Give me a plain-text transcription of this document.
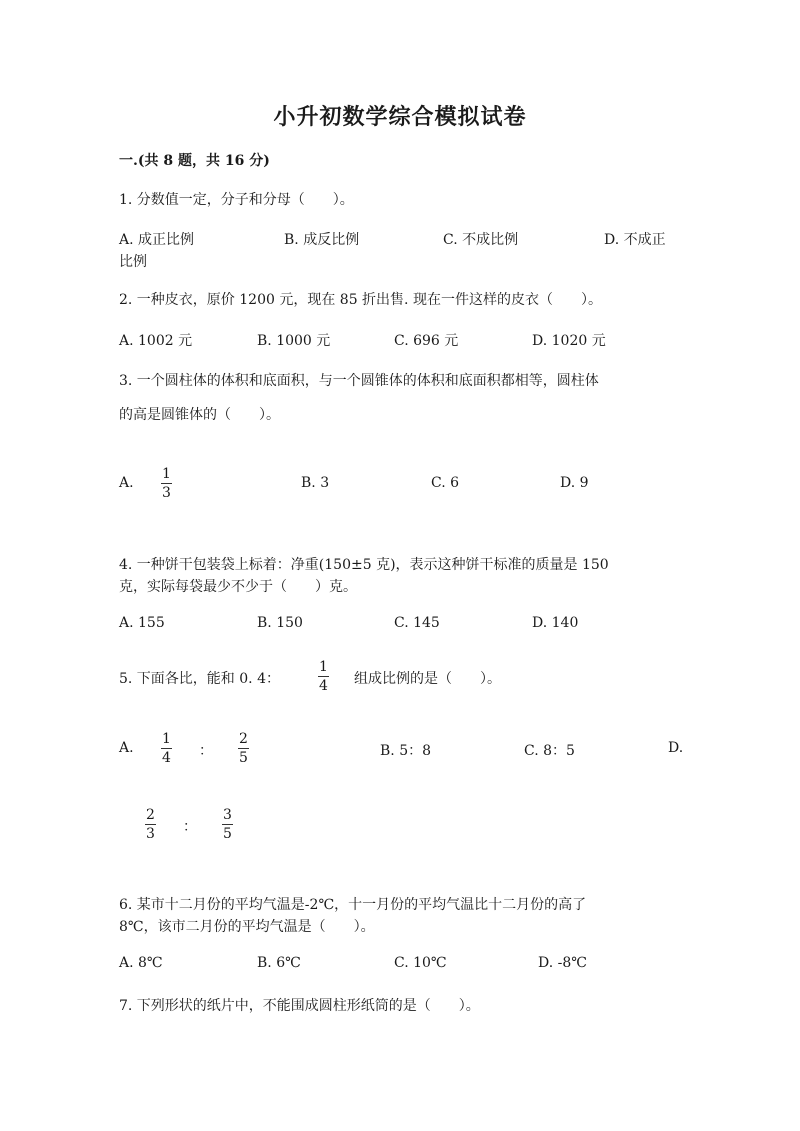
小升初数学综合模拟试卷
一.(共 8 题，共 16 分)
1. 分数值一定，分子和分母（　　）。
A. 成正比例	B. 成反比例	C. 不成比例	D. 不成正
比例
2. 一种皮衣，原价 1200 元，现在 85 折出售. 现在一件这样的皮衣（　　）。
A. 1002 元	B. 1000 元	C. 696 元	D. 1020 元
3. 一个圆柱体的体积和底面积，与一个圆锥体的体积和底面积都相等，圆柱体
的高是圆锥体的（　　）。
A.
1
3
B. 3	C. 6	D. 9
4. 一种饼干包装袋上标着：净重(150±5 克)，表示这种饼干标准的质量是 150
克，实际每袋最少不少于（　　）克。
A. 155	B. 150	C. 145	D. 140
5. 下面各比，能和 0. 4：
1
4 组成比例的是（　　）。
A.
1
4 ：
2
5	B. 5：8	C. 8：5	D.
2
3 ：
3
5
6. 某市十二月份的平均气温是-2℃，十一月份的平均气温比十二月份的高了
8℃，该市二月份的平均气温是（　　）。
A. 8℃	B. 6℃	C. 10℃	D. -8℃
7. 下列形状的纸片中，不能围成圆柱形纸筒的是（　　）。
